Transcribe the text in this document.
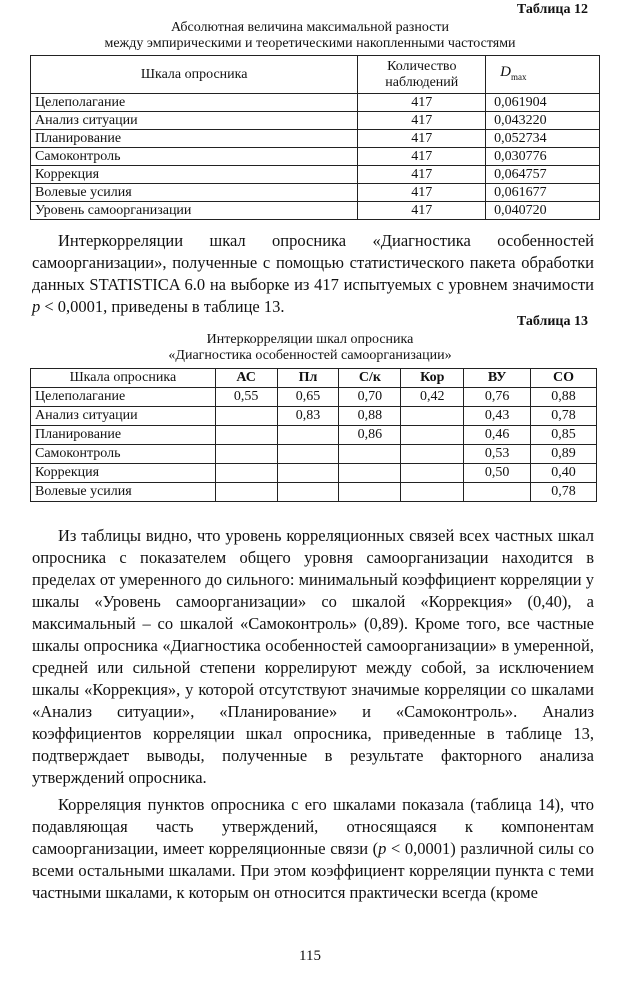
Таблица 12
Абсолютная величина максимальной разности
между эмпирическими и теоретическими накопленными частостями
Шкала опросника	Количество наблюдений	$D_{max}$
Целеполагание	417	0,061904
Анализ ситуации	417	0,043220
Планирование	417	0,052734
Самоконтроль	417	0,030776
Коррекция	417	0,064757
Волевые усилия	417	0,061677
Уровень самоорганизации	417	0,040720

Интеркорреляции шкал опросника «Диагностика особенностей самоорганизации», полученные с помощью статистического пакета обработки данных STATISTICA 6.0 на выборке из 417 испытуемых с уровнем значимости p < 0,0001, приведены в таблице 13.

Таблица 13
Интеркорреляции шкал опросника
«Диагностика особенностей самоорганизации»
Шкала опросника	АС	Пл	С/к	Кор	ВУ	СО
Целеполагание	0,55	0,65	0,70	0,42	0,76	0,88
Анализ ситуации		0,83	0,88		0,43	0,78
Планирование			0,86		0,46	0,85
Самоконтроль					0,53	0,89
Коррекция					0,50	0,40
Волевые усилия						0,78

Из таблицы видно, что уровень корреляционных связей всех частных шкал опросника с показателем общего уровня самоорганизации находится в пределах от умеренного до сильного: минимальный коэффициент корреляции у шкалы «Уровень самоорганизации» со шкалой «Коррекция» (0,40), а максимальный – со шкалой «Самоконтроль» (0,89). Кроме того, все частные шкалы опросника «Диагностика особенностей самоорганизации» в умеренной, средней или сильной степени коррелируют между собой, за исключением шкалы «Коррекция», у которой отсутствуют значимые корреляции со шкалами «Анализ ситуации», «Планирование» и «Самоконтроль». Анализ коэффициентов корреляции шкал опросника, приведенные в таблице 13, подтверждает выводы, полученные в результате факторного анализа утверждений опросника.

Корреляция пунктов опросника с его шкалами показала (таблица 14), что подавляющая часть утверждений, относящаяся к компонентам самоорганизации, имеет корреляционные связи (p < 0,0001) различной силы со всеми остальными шкалами. При этом коэффициент корреляции пункта с теми частными шкалами, к которым он относится практически всегда (кроме

115
